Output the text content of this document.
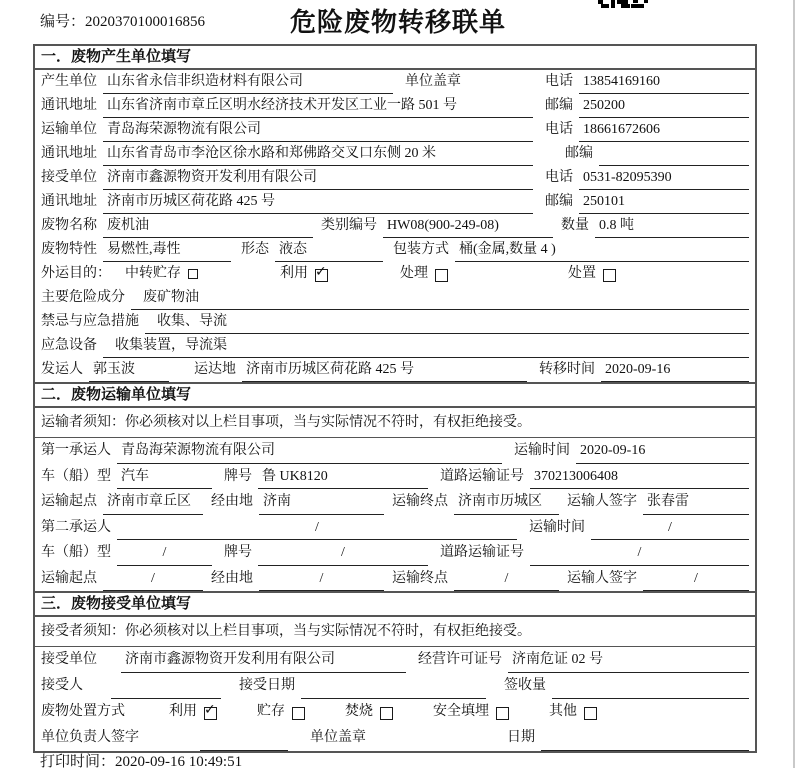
编号：2020370100016856	危险废物转移联单
一．废物产生单位填写
产生单位 山东省永信非织造材料有限公司	单位盖章	电话 13854169160
通讯地址 山东省济南市章丘区明水经济技术开发区工业一路 501 号	邮编 250200
运输单位 青岛海荣源物流有限公司	电话 18661672606
通讯地址 山东省青岛市李沧区徐水路和郑佛路交叉口东侧 20 米	邮编
接受单位 济南市鑫源物资开发利用有限公司	电话 0531-82095390
通讯地址 济南市历城区荷花路 425 号	邮编 250101
废物名称 废机油	类别编号 HW08(900-249-08)	数量 0.8 吨
废物特性 易燃性,毒性	形态 液态	包装方式 桶(金属,数量 4 )
外运目的： 中转贮存	利用 ✓	处理	处置
主要危险成分	废矿物油
禁忌与应急措施	收集、导流
应急设备	收集装置，导流渠
发运人 郭玉波	运达地 济南市历城区荷花路 425 号	转移时间 2020-09-16
二．废物运输单位填写
运输者须知：你必须核对以上栏目事项，当与实际情况不符时，有权拒绝接受。
第一承运人 青岛海荣源物流有限公司	运输时间 2020-09-16
车（船）型 汽车	牌号 鲁 UK8120	道路运输证号 370213006408
运输起点 济南市章丘区	经由地 济南	运输终点 济南市历城区	运输人签字 张春雷
第二承运人	/	运输时间	/
车（船）型	/	牌号	/	道路运输证号	/
运输起点	/	经由地	/	运输终点	/	运输人签字	/
三．废物接受单位填写
接受者须知：你必须核对以上栏目事项，当与实际情况不符时，有权拒绝接受。
接受单位 济南市鑫源物资开发利用有限公司	经营许可证号 济南危证 02 号
接受人	接受日期	签收量
废物处置方式	利用 ✓	贮存	焚烧	安全填埋	其他
单位负责人签字	单位盖章	日期
打印时间：2020-09-16 10:49:51
